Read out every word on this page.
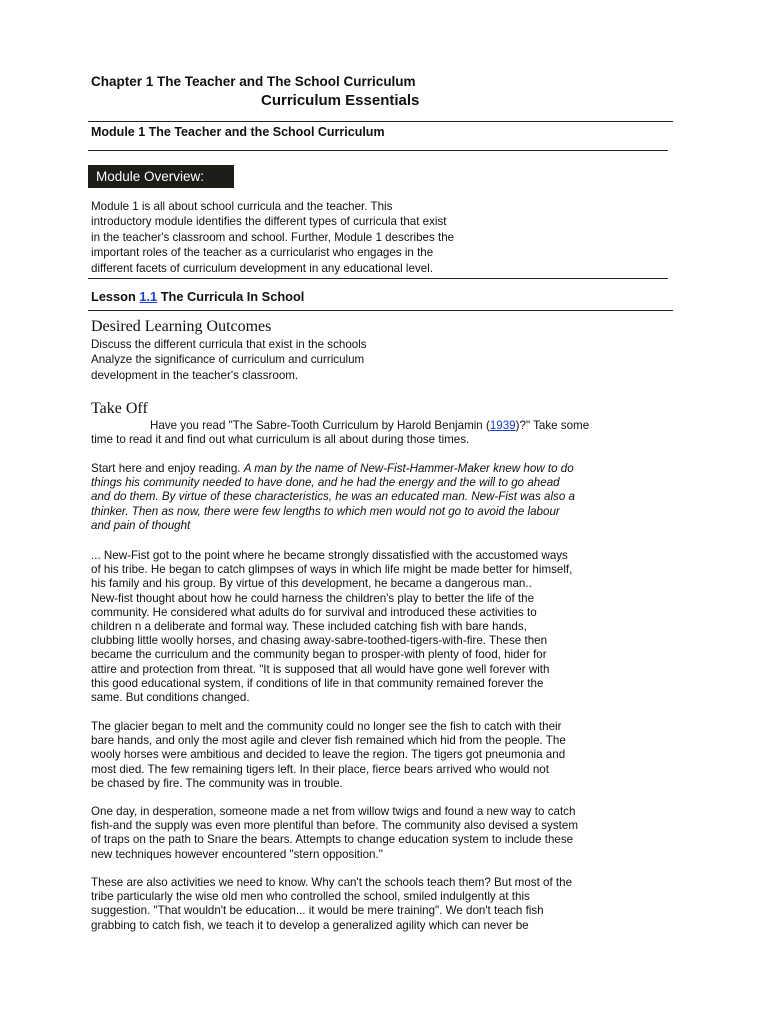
Chapter 1 The Teacher and The School Curriculum
Curriculum Essentials
Module 1 The Teacher and the School Curriculum
Module Overview:

Module 1 is all about school curricula and the teacher. This

introductory module identifies the different types of curricula that exist

in the teacher's classroom and school. Further, Module 1 describes the

important roles of the teacher as a curricularist who engages in the

different facets of curriculum development in any educational level.

Lesson 1.1 The Curricula In School
Desired Learning Outcomes
Discuss the different curricula that exist in the schools
Analyze the significance of curriculum and curriculum
development in the teacher's classroom.
Take Off
Have you read "The Sabre-Tooth Curriculum by Harold Benjamin (1939)?" Take some
time to read it and find out what curriculum is all about during those times.
Start here and enjoy reading. A man by the name of New-Fist-Hammer-Maker knew how to do
things his community needed to have done, and he had the energy and the will to go ahead
and do them. By virtue of these characteristics, he was an educated man. New-Fist was also a
thinker. Then as now, there were few lengths to which men would not go to avoid the labour
and pain of thought
... New-Fist got to the point where he became strongly dissatisfied with the accustomed ways
of his tribe. He began to catch glimpses of ways in which life might be made better for himself,
his family and his group. By virtue of this development, he became a dangerous man..
New-fist thought about how he could harness the children's play to better the life of the
community. He considered what adults do for survival and introduced these activities to
children n a deliberate and formal way. These included catching fish with bare hands,
clubbing little woolly horses, and chasing away-sabre-toothed-tigers-with-fire. These then
became the curriculum and the community began to prosper-with plenty of food, hider for
attire and protection from threat. "It is supposed that all would have gone well forever with
this good educational system, if conditions of life in that community remained forever the
same. But conditions changed.
The glacier began to melt and the community could no longer see the fish to catch with their
bare hands, and only the most agile and clever fish remained which hid from the people. The
wooly horses were ambitious and decided to leave the region. The tigers got pneumonia and
most died. The few remaining tigers left. In their place, fierce bears arrived who would not
be chased by fire. The community was in trouble.
One day, in desperation, someone made a net from willow twigs and found a new way to catch
fish-and the supply was even more plentiful than before. The community also devised a system
of traps on the path to Snare the bears. Attempts to change education system to include these
new techniques however encountered "stern opposition."
These are also activities we need to know. Why can't the schools teach them? But most of the
tribe particularly the wise old men who controlled the school, smiled indulgently at this
suggestion. "That wouldn't be education... it would be mere training". We don't teach fish
grabbing to catch fish, we teach it to develop a generalized agility which can never be
